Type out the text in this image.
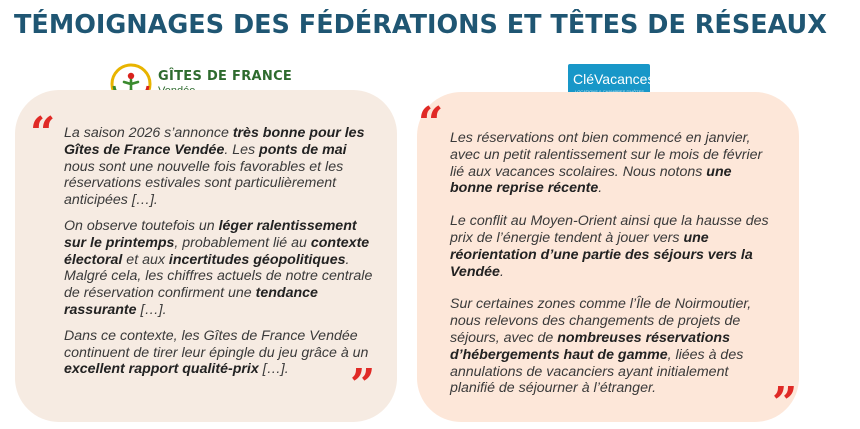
TÉMOIGNAGES DES FÉDÉRATIONS ET TÊTES DE RÉSEAUX
GÎTES DE FRANCE	CléVacances
“
”

La saison 2026 s’annonce très bonne pour les Gîtes de France Vendée. Les ponts de mai nous sont une nouvelle fois favorables et les réservations estivales sont particulièrement anticipées […].

On observe toutefois un léger ralentissement sur le printemps, probablement lié au contexte électoral et aux incertitudes géopolitiques. Malgré cela, les chiffres actuels de notre centrale de réservation confirment une tendance rassurante […].

Dans ce contexte, les Gîtes de France Vendée continuent de tirer leur épingle du jeu grâce à un excellent rapport qualité-prix […].

“
”

Les réservations ont bien commencé en janvier, avec un petit ralentissement sur le mois de février lié aux vacances scolaires. Nous notons une bonne reprise récente.

Le conflit au Moyen-Orient ainsi que la hausse des prix de l’énergie tendent à jouer vers une réorientation d’une partie des séjours vers la Vendée.

Sur certaines zones comme l’Île de Noirmoutier, nous relevons des changements de projets de séjours, avec de nombreuses réservations d’hébergements haut de gamme, liées à des annulations de vacanciers ayant initialement planifié de séjourner à l’étranger.
